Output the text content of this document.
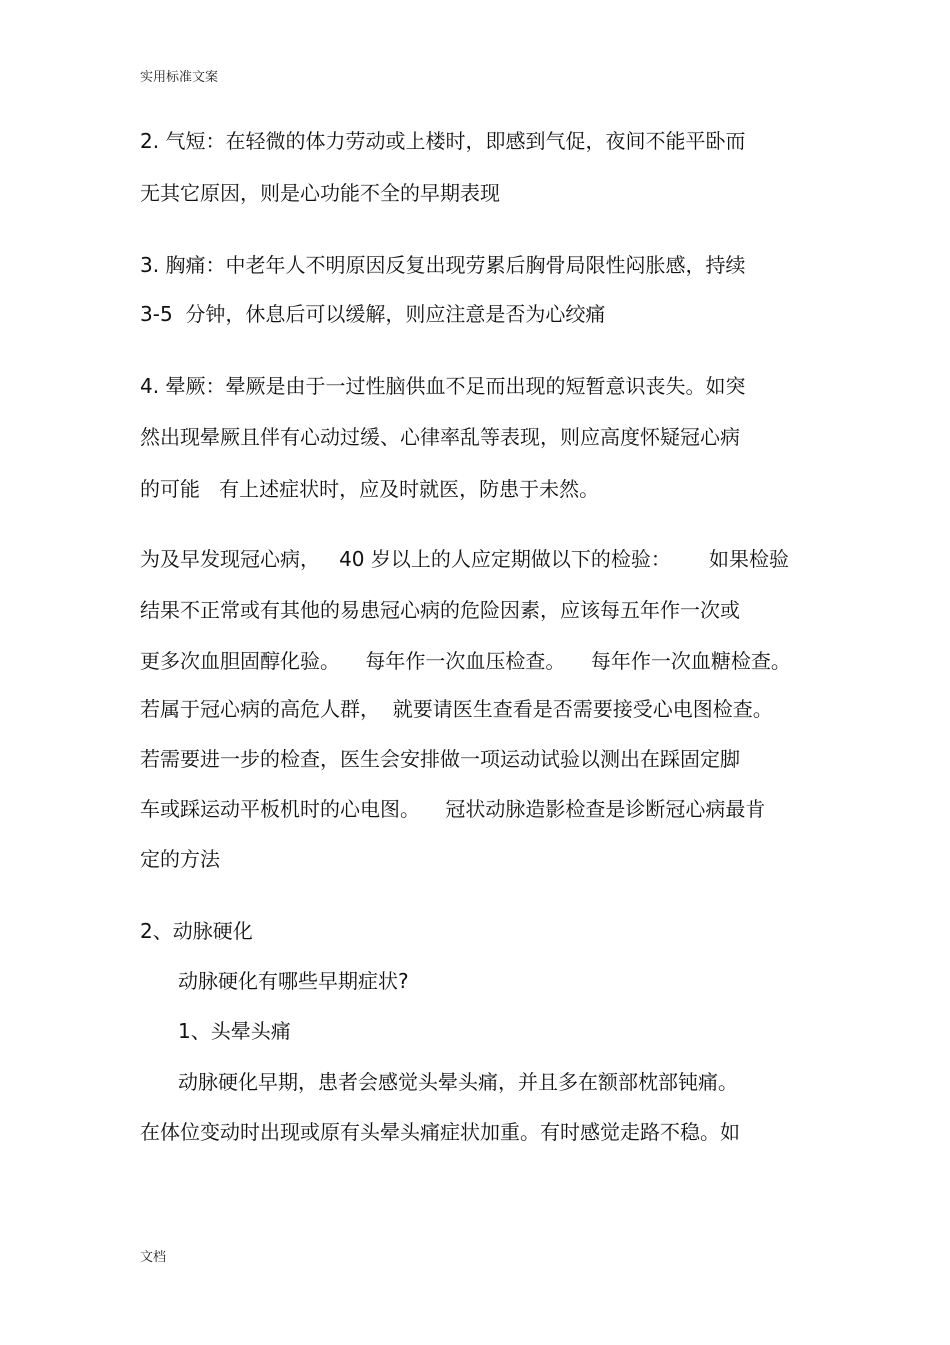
实用标准文案
2. 气短：在轻微的体力劳动或上楼时，即感到气促，夜间不能平卧而
无其它原因，则是心功能不全的早期表现
3. 胸痛：中老年人不明原因反复出现劳累后胸骨局限性闷胀感，持续
3-5  分钟，休息后可以缓解，则应注意是否为心绞痛
4. 晕厥：晕厥是由于一过性脑供血不足而出现的短暂意识丧失。如突
然出现晕厥且伴有心动过缓、心律率乱等表现，则应高度怀疑冠心病
的可能   有上述症状时，应及时就医，防患于未然。
为及早发现冠心病，   40 岁以上的人应定期做以下的检验：      如果检验
结果不正常或有其他的易患冠心病的危险因素，应该每五年作一次或
更多次血胆固醇化验。    每年作一次血压检查。    每年作一次血糖检查。
若属于冠心病的高危人群，  就要请医生查看是否需要接受心电图检查。
若需要进一步的检查，医生会安排做一项运动试验以测出在踩固定脚
车或踩运动平板机时的心电图。    冠状动脉造影检查是诊断冠心病最肯
定的方法
2、动脉硬化
动脉硬化有哪些早期症状?
1、头晕头痛
动脉硬化早期，患者会感觉头晕头痛，并且多在额部枕部钝痛。
在体位变动时出现或原有头晕头痛症状加重。有时感觉走路不稳。如
文档
